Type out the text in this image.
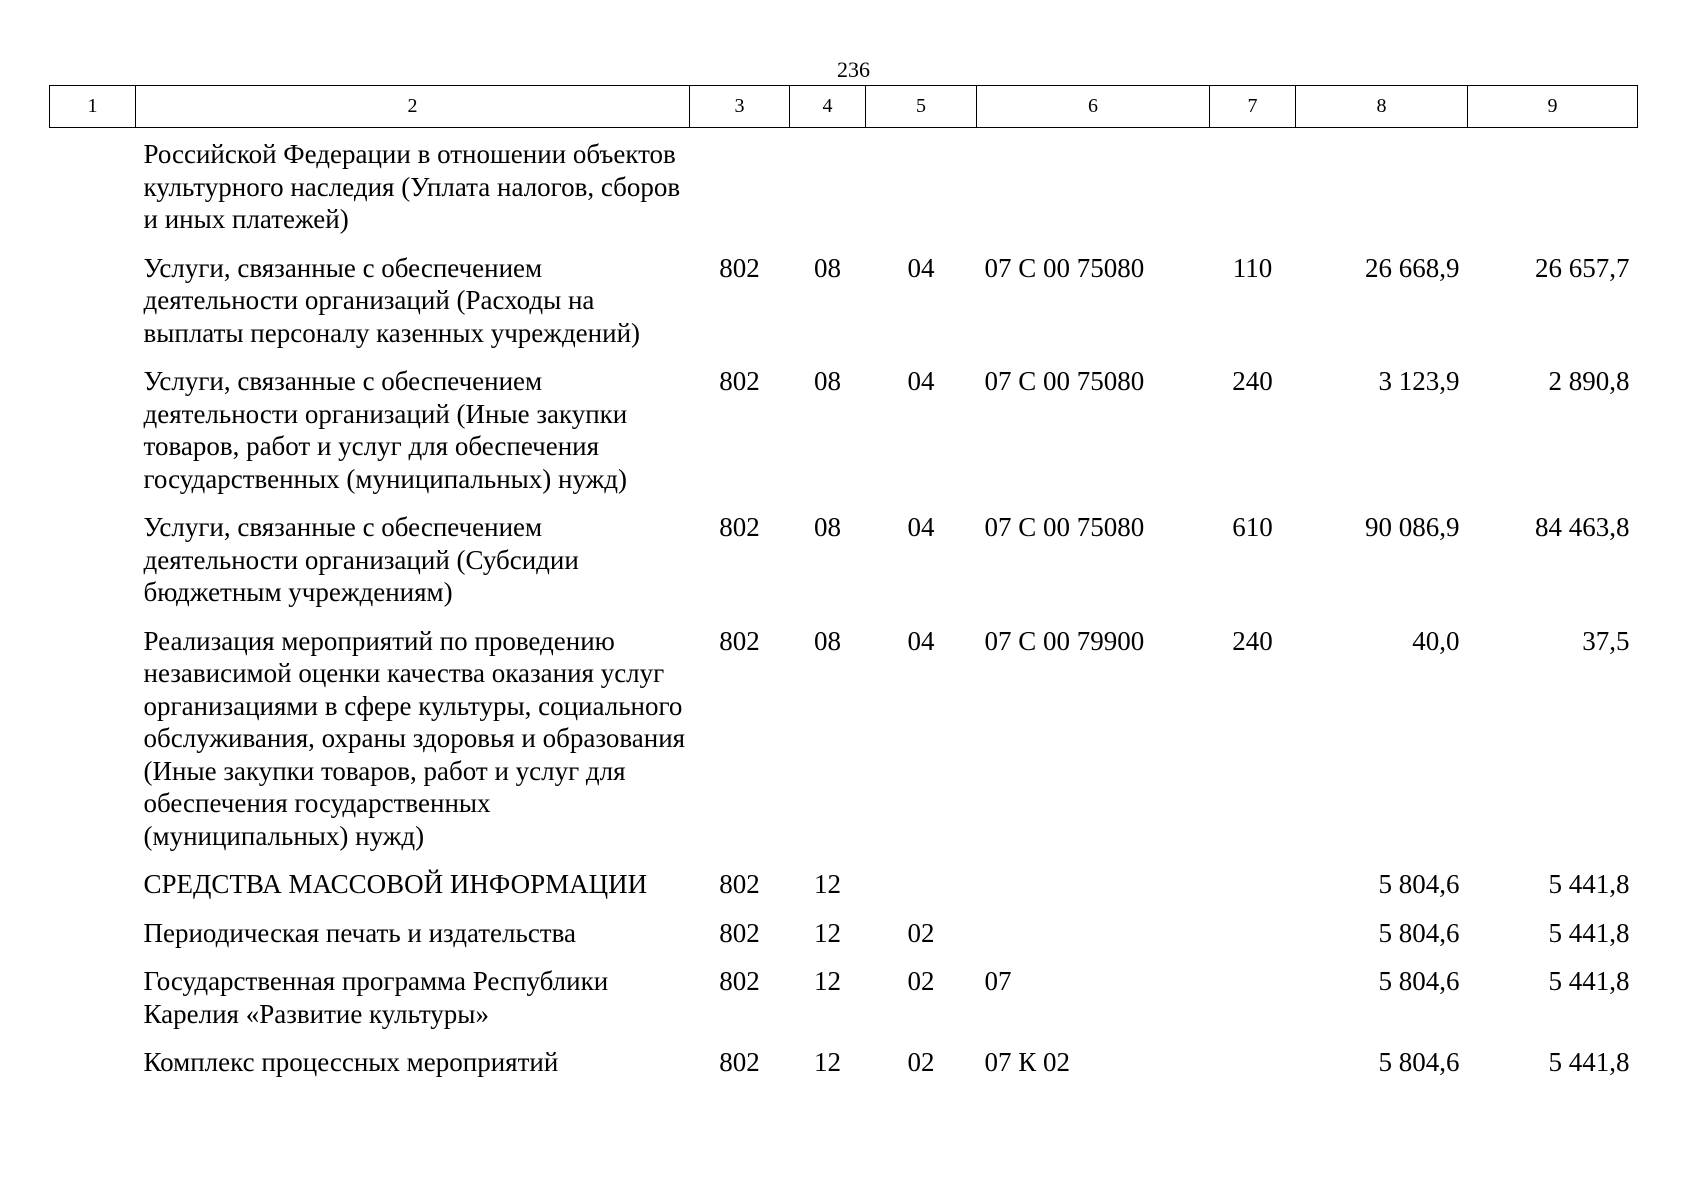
236
1	2	3	4	5	6	7	8	9
	Российской Федерации в отношении объектов культурного наследия (Уплата налогов, сборов и иных платежей)							
	Услуги, связанные с обеспечением деятельности организаций (Расходы на выплаты персоналу казенных учреждений)	802	08	04	07 С 00 75080	110	26 668,9	26 657,7
	Услуги, связанные с обеспечением деятельности организаций (Иные закупки товаров, работ и услуг для обеспечения государственных (муниципальных) нужд)	802	08	04	07 С 00 75080	240	3 123,9	2 890,8
	Услуги, связанные с обеспечением деятельности организаций (Субсидии бюджетным учреждениям)	802	08	04	07 С 00 75080	610	90 086,9	84 463,8
	Реализация мероприятий по проведению независимой оценки качества оказания услуг организациями в сфере культуры, социального обслуживания, охраны здоровья и образования (Иные закупки товаров, работ и услуг для обеспечения государственных (муниципальных) нужд)	802	08	04	07 С 00 79900	240	40,0	37,5
	СРЕДСТВА МАССОВОЙ ИНФОРМАЦИИ	802	12				5 804,6	5 441,8
	Периодическая печать и издательства	802	12	02			5 804,6	5 441,8
	Государственная программа Республики Карелия «Развитие культуры»	802	12	02	07		5 804,6	5 441,8
	Комплекс процессных мероприятий	802	12	02	07 К 02		5 804,6	5 441,8
